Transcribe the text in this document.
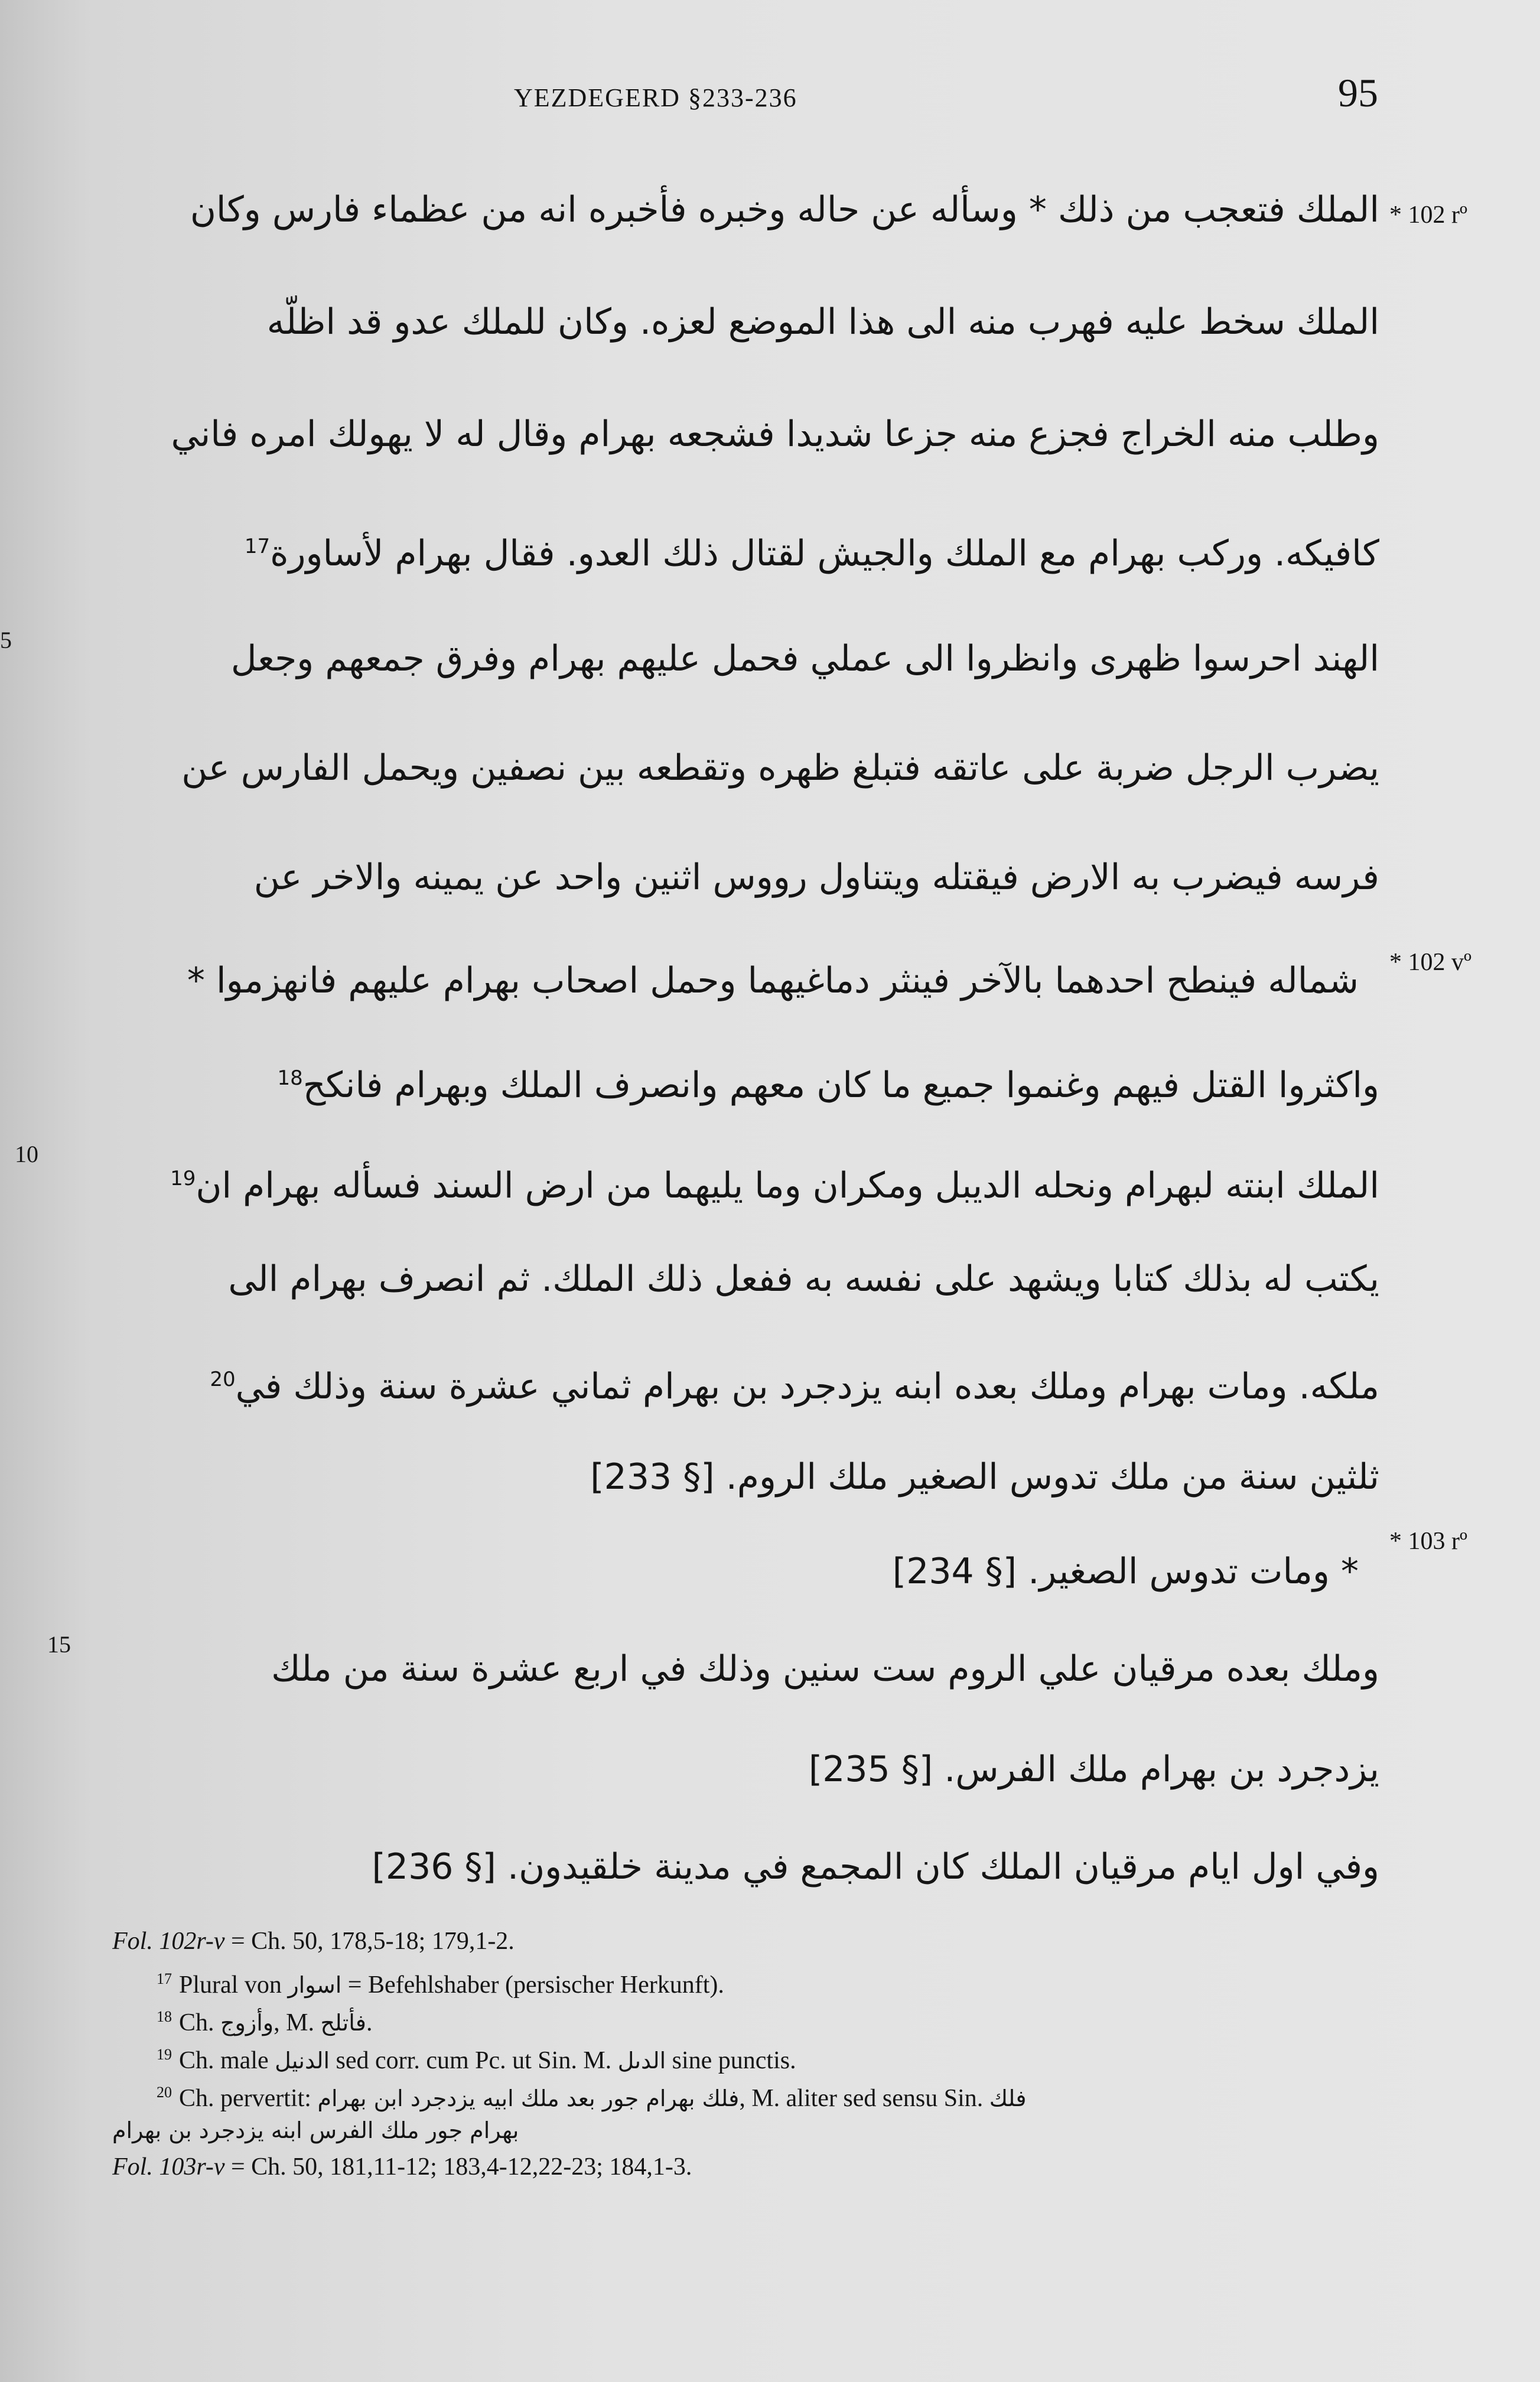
YEZDEGERD §233-236	95

الملك فتعجب من ذلك * وسأله عن حاله وخبره فأخبره انه من عظماء فارس وكان

الملك سخط عليه فهرب منه الى هذا الموضع لعزه. وكان للملك عدو قد اظلّه

وطلب منه الخراج فجزع منه جزعا شديدا فشجعه بهرام وقال له لا يهولك امره فاني

كافيكه. وركب بهرام مع الملك والجيش لقتال ذلك العدو. فقال بهرام لأساورة$^{17}$

الهند احرسوا ظهرى وانظروا الى عملي فحمل عليهم بهرام وفرق جمعهم وجعل

يضرب الرجل ضربة على عاتقه فتبلغ ظهره وتقطعه بين نصفين ويحمل الفارس عن

فرسه فيضرب به الارض فيقتله ويتناول رووس اثنين واحد عن يمينه والاخر عن

شماله فينطح احدهما بالآخر فينثر دماغيهما وحمل اصحاب بهرام عليهم فانهزموا *

واكثروا القتل فيهم وغنموا جميع ما كان معهم وانصرف الملك وبهرام فانكح$^{18}$

الملك ابنته لبهرام ونحله الديبل ومكران وما يليهما من ارض السند فسأله بهرام ان$^{19}$

يكتب له بذلك كتابا ويشهد على نفسه به ففعل ذلك الملك. ثم انصرف بهرام الى

ملكه. ومات بهرام وملك بعده ابنه يزدجرد بن بهرام ثماني عشرة سنة وذلك في$^{20}$

ثلثين سنة من ملك تدوس الصغير ملك الروم. [§ 233]

* ومات تدوس الصغير. [§ 234]

وملك بعده مرقيان علي الروم ست سنين وذلك في اربع عشرة سنة من ملك

يزدجرد بن بهرام ملك الفرس. [§ 235]

وفي اول ايام مرقيان الملك كان المجمع في مدينة خلقيدون. [§ 236]

* 102 rº
* 102 vº
* 103 rº
5
10
15
Fol. 102r-v = Ch. 50, 178,5-18; 179,1-2.
$^{17}$ Plural von اسوار = Befehlshaber (persischer Herkunft).
$^{18}$ Ch. وأزوج, M. فأتلح.
$^{19}$ Ch. male الدنيل sed corr. cum Pc. ut Sin. M. الدىل sine punctis.
$^{20}$ Ch. pervertit: فلك بهرام جور بعد ملك ابيه يزدجرد ابن بهرام, M. aliter sed sensu Sin. فلك
بهرام جور ملك الفرس ابنه يزدجرد بن بهرام
Fol. 103r-v = Ch. 50, 181,11-12; 183,4-12,22-23; 184,1-3.
